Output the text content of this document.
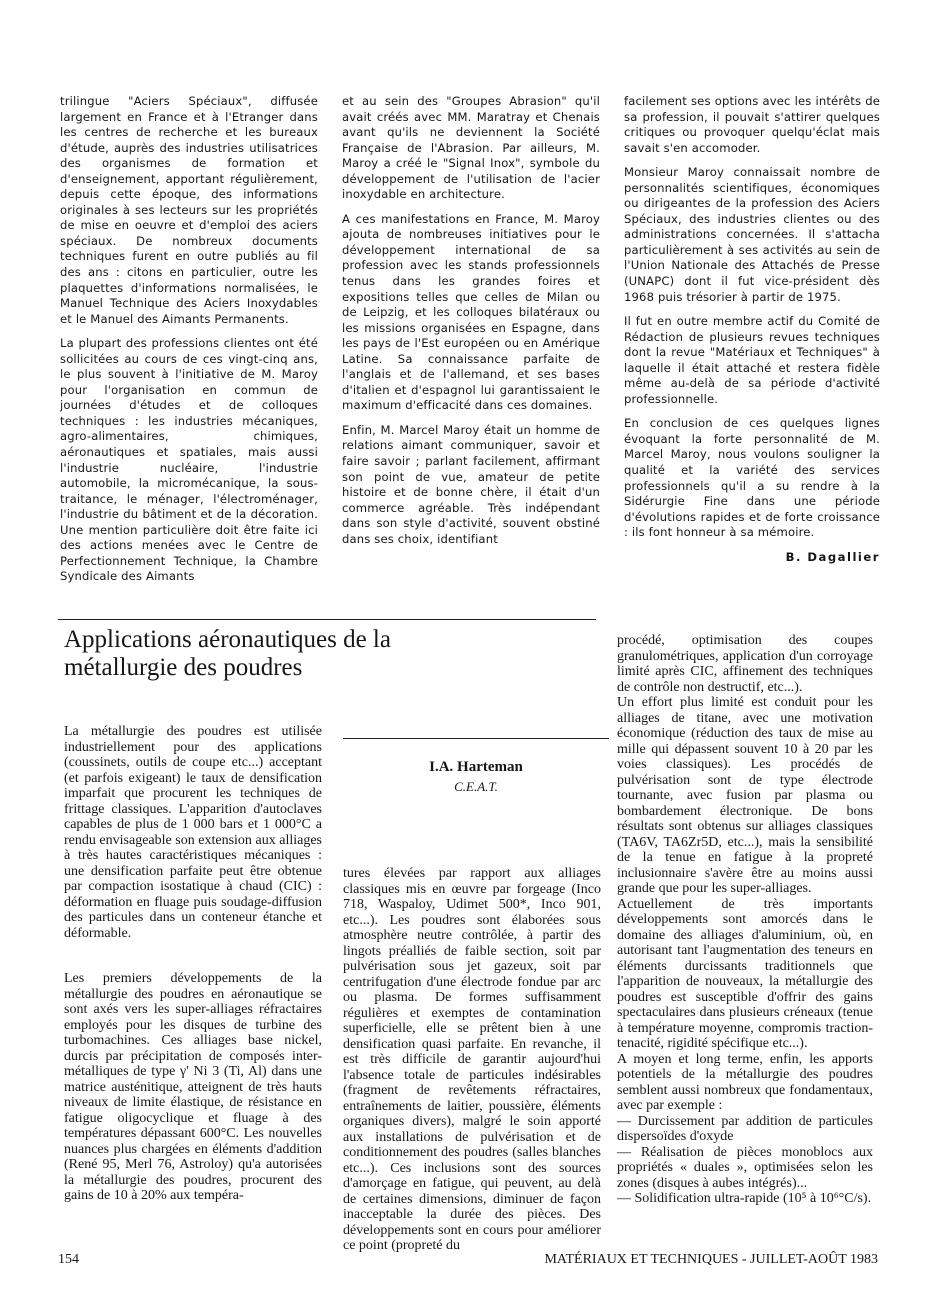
trilingue "Aciers Spéciaux", diffusée largement en France et à l'Etranger dans les centres de recherche et les bureaux d'étude, auprès des industries utilisatrices des organismes de formation et d'enseignement, apportant régulièrement, depuis cette époque, des informations originales à ses lecteurs sur les propriétés de mise en oeuvre et d'emploi des aciers spéciaux. De nombreux documents techniques furent en outre publiés au fil des ans : citons en particulier, outre les plaquettes d'informations normalisées, le Manuel Technique des Aciers Inoxydables et le Manuel des Aimants Permanents.

La plupart des professions clientes ont été sollicitées au cours de ces vingt-cinq ans, le plus souvent à l'initiative de M. Maroy pour l'organisation en commun de journées d'études et de colloques techniques : les industries mécaniques, agro-alimentaires, chimiques, aéronautiques et spatiales, mais aussi l'industrie nucléaire, l'industrie automobile, la micromécanique, la sous-traitance, le ménager, l'électroménager, l'industrie du bâtiment et de la décoration. Une mention particulière doit être faite ici des actions menées avec le Centre de Perfectionnement Technique, la Chambre Syndicale des Aimants

et au sein des "Groupes Abrasion" qu'il avait créés avec MM. Maratray et Chenais avant qu'ils ne deviennent la Société Française de l'Abrasion. Par ailleurs, M. Maroy a créé le "Signal Inox", symbole du développement de l'utilisation de l'acier inoxydable en architecture.

A ces manifestations en France, M. Maroy ajouta de nombreuses initiatives pour le développement international de sa profession avec les stands professionnels tenus dans les grandes foires et expositions telles que celles de Milan ou de Leipzig, et les colloques bilatéraux ou les missions organisées en Espagne, dans les pays de l'Est européen ou en Amérique Latine. Sa connaissance parfaite de l'anglais et de l'allemand, et ses bases d'italien et d'espagnol lui garantissaient le maximum d'efficacité dans ces domaines.

Enfin, M. Marcel Maroy était un homme de relations aimant communiquer, savoir et faire savoir ; parlant facilement, affirmant son point de vue, amateur de petite histoire et de bonne chère, il était d'un commerce agréable. Très indépendant dans son style d'activité, souvent obstiné dans ses choix, identifiant

facilement ses options avec les intérêts de sa profession, il pouvait s'attirer quelques critiques ou provoquer quelqu'éclat mais savait s'en accomoder.

Monsieur Maroy connaissait nombre de personnalités scientifiques, économiques ou dirigeantes de la profession des Aciers Spéciaux, des industries clientes ou des administrations concernées. Il s'attacha particulièrement à ses activités au sein de l'Union Nationale des Attachés de Presse (UNAPC) dont il fut vice-président dès 1968 puis trésorier à partir de 1975.

Il fut en outre membre actif du Comité de Rédaction de plusieurs revues techniques dont la revue "Matériaux et Techniques" à laquelle il était attaché et restera fidèle même au-delà de sa période d'activité professionnelle.

En conclusion de ces quelques lignes évoquant la forte personnalité de M. Marcel Maroy, nous voulons souligner la qualité et la variété des services professionnels qu'il a su rendre à la Sidérurgie Fine dans une période d'évolutions rapides et de forte croissance : ils font honneur à sa mémoire.

B. Dagallier
Applications aéronautiques de la métallurgie des poudres
I.A. Harteman
C.E.A.T.

La métallurgie des poudres est utilisée industriellement pour des applications (coussinets, outils de coupe etc...) acceptant (et parfois exigeant) le taux de densification imparfait que procurent les techniques de frittage classiques. L'apparition d'autoclaves capables de plus de 1 000 bars et 1 000°C a rendu envisageable son extension aux alliages à très hautes caractéristiques mécaniques : une densification parfaite peut être obtenue par compaction isostatique à chaud (CIC) : déformation en fluage puis soudage-diffusion des particules dans un conteneur étanche et déformable.

Les premiers développements de la métallurgie des poudres en aéronautique se sont axés vers les super-alliages réfractaires employés pour les disques de turbine des turbomachines. Ces alliages base nickel, durcis par précipitation de composés inter-métalliques de type γ' Ni 3 (Ti, Al) dans une matrice austénitique, atteignent de très hauts niveaux de limite élastique, de résistance en fatigue oligocyclique et fluage à des températures dépassant 600°C. Les nouvelles nuances plus chargées en éléments d'addition (René 95, Merl 76, Astroloy) qu'a autorisées la métallurgie des poudres, procurent des gains de 10 à 20% aux tempéra-

tures élevées par rapport aux alliages classiques mis en œuvre par forgeage (Inco 718, Waspaloy, Udimet 500*, Inco 901, etc...). Les poudres sont élaborées sous atmosphère neutre contrôlée, à partir des lingots préalliés de faible section, soit par pulvérisation sous jet gazeux, soit par centrifugation d'une électrode fondue par arc ou plasma. De formes suffisamment régulières et exemptes de contamination superficielle, elle se prêtent bien à une densification quasi parfaite. En revanche, il est très difficile de garantir aujourd'hui l'absence totale de particules indésirables (fragment de revêtements réfractaires, entraînements de laitier, poussière, éléments organiques divers), malgré le soin apporté aux installations de pulvérisation et de conditionnement des poudres (salles blanches etc...). Ces inclusions sont des sources d'amorçage en fatigue, qui peuvent, au delà de certaines dimensions, diminuer de façon inacceptable la durée des pièces. Des développements sont en cours pour améliorer ce point (propreté du

procédé, optimisation des coupes granulométriques, application d'un corroyage limité après CIC, affinement des techniques de contrôle non destructif, etc...).

Un effort plus limité est conduit pour les alliages de titane, avec une motivation économique (réduction des taux de mise au mille qui dépassent souvent 10 à 20 par les voies classiques). Les procédés de pulvérisation sont de type électrode tournante, avec fusion par plasma ou bombardement électronique. De bons résultats sont obtenus sur alliages classiques (TA6V, TA6Zr5D, etc...), mais la sensibilité de la tenue en fatigue à la propreté inclusionnaire s'avère être au moins aussi grande que pour les super-alliages.

Actuellement de très importants développements sont amorcés dans le domaine des alliages d'aluminium, où, en autorisant tant l'augmentation des teneurs en éléments durcissants traditionnels que l'apparition de nouveaux, la métallurgie des poudres est susceptible d'offrir des gains spectaculaires dans plusieurs créneaux (tenue à température moyenne, compromis traction-tenacité, rigidité spécifique etc...).

A moyen et long terme, enfin, les apports potentiels de la métallurgie des poudres semblent aussi nombreux que fondamentaux, avec par exemple :

— Durcissement par addition de particules dispersoïdes d'oxyde

— Réalisation de pièces monoblocs aux propriétés « duales », optimisées selon les zones (disques à aubes intégrés)...

— Solidification ultra-rapide (10⁵ à 10⁶°C/s).

154	MATÉRIAUX ET TECHNIQUES - JUILLET-AOÛT 1983
